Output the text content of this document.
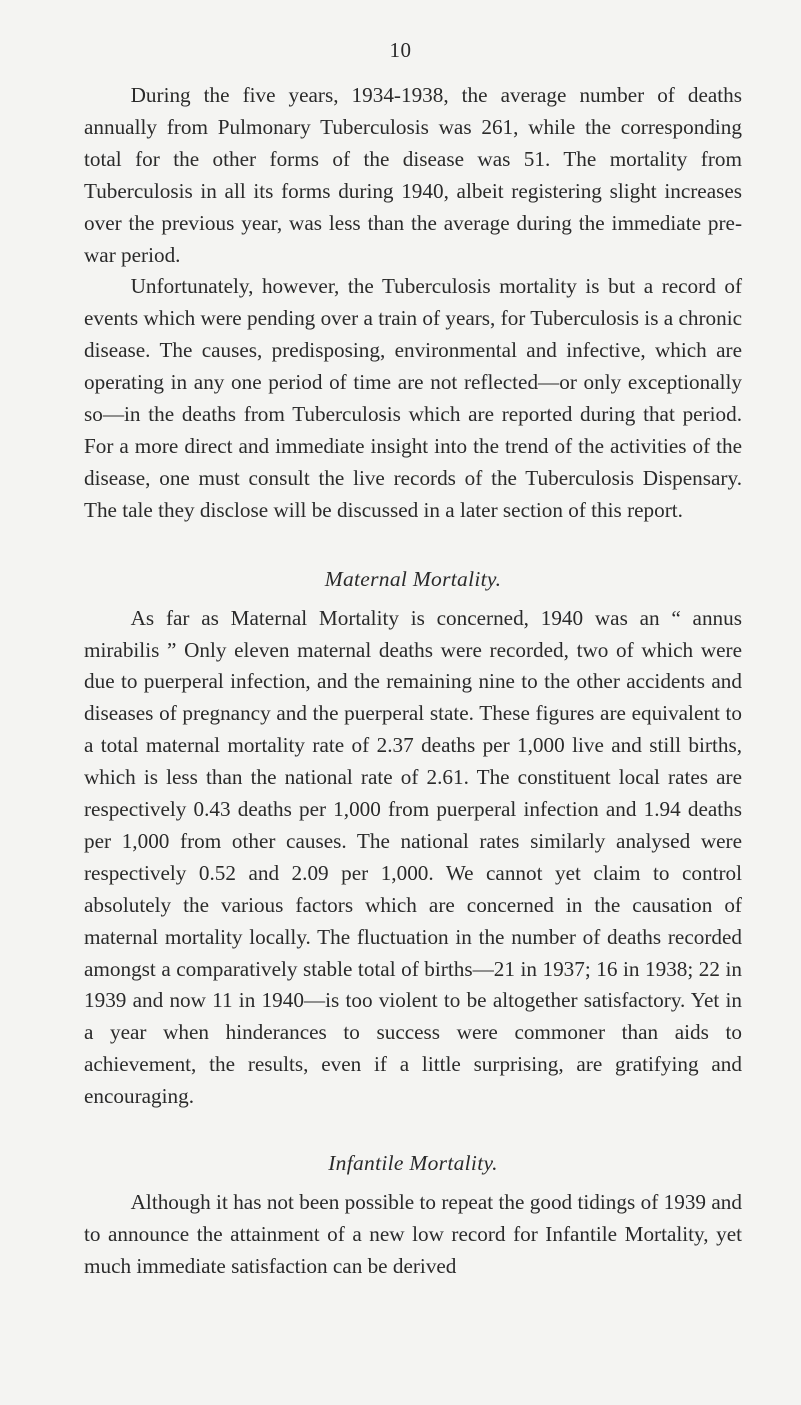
10

During the five years, 1934-1938, the average number of deaths annually from Pulmonary Tuberculosis was 261, while the corresponding total for the other forms of the disease was 51. The mortality from Tuberculosis in all its forms during 1940, albeit registering slight increases over the previous year, was less than the average during the immediate pre-war period.

Unfortunately, however, the Tuberculosis mortality is but a record of events which were pending over a train of years, for Tuberculosis is a chronic disease. The causes, predisposing, environmental and infective, which are operating in any one period of time are not reflected—or only exceptionally so—in the deaths from Tuberculosis which are reported during that period. For a more direct and immediate insight into the trend of the activities of the disease, one must consult the live records of the Tuberculosis Dispensary. The tale they disclose will be discussed in a later section of this report.

Maternal Mortality.

As far as Maternal Mortality is concerned, 1940 was an “ annus mirabilis ” Only eleven maternal deaths were recorded, two of which were due to puerperal infection, and the remaining nine to the other accidents and diseases of pregnancy and the puerperal state. These figures are equivalent to a total maternal mortality rate of 2.37 deaths per 1,000 live and still births, which is less than the national rate of 2.61. The constituent local rates are respectively 0.43 deaths per 1,000 from puerperal infection and 1.94 deaths per 1,000 from other causes. The national rates similarly analysed were respectively 0.52 and 2.09 per 1,000. We cannot yet claim to control absolutely the various factors which are concerned in the causation of maternal mortality locally. The fluctuation in the number of deaths recorded amongst a comparatively stable total of births—21 in 1937; 16 in 1938; 22 in 1939 and now 11 in 1940—is too violent to be altogether satisfactory. Yet in a year when hinderances to success were commoner than aids to achievement, the results, even if a little surprising, are gratifying and encouraging.

Infantile Mortality.

Although it has not been possible to repeat the good tidings of 1939 and to announce the attainment of a new low record for Infantile Mortality, yet much immediate satisfaction can be derived
